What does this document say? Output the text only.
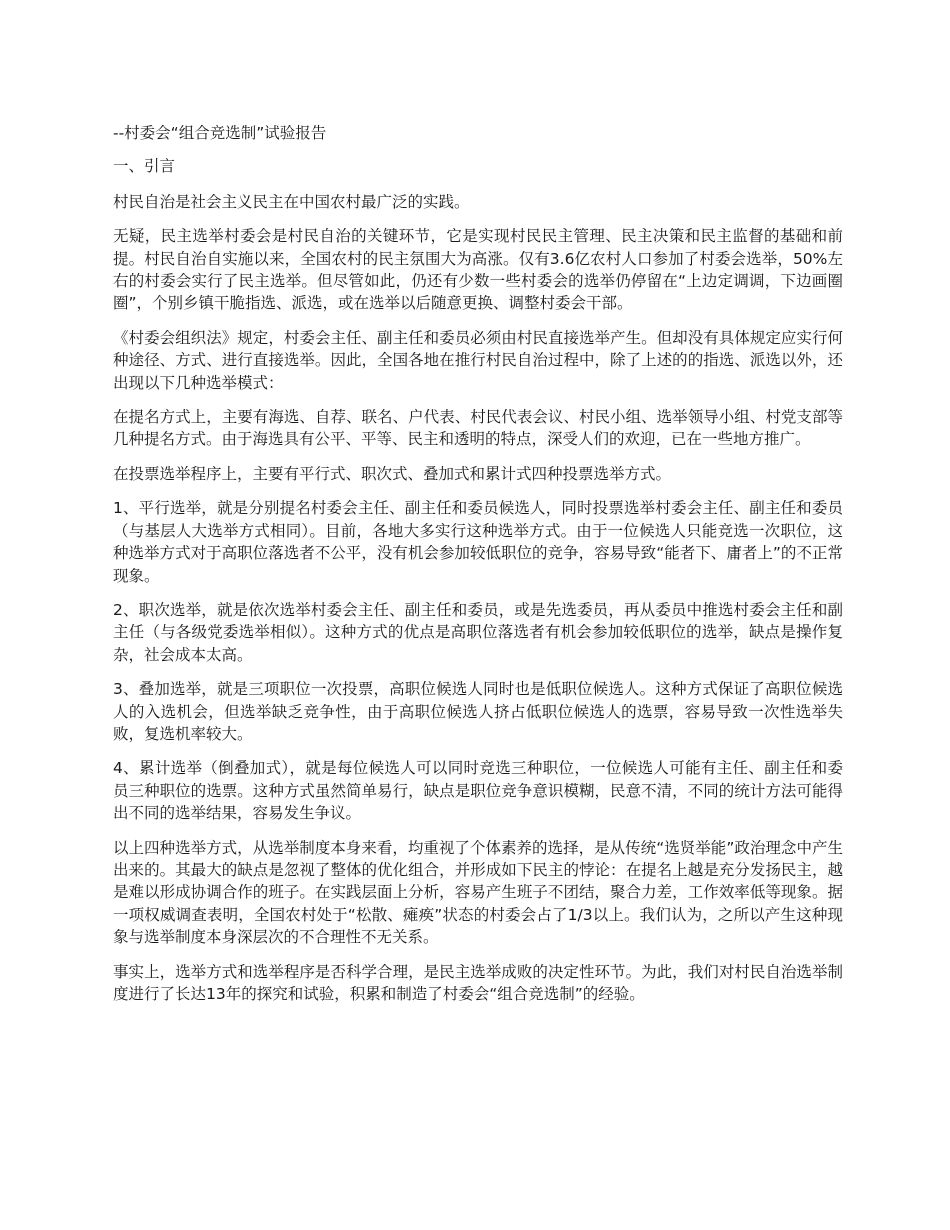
--村委会“组合竞选制”试验报告

一、引言

村民自治是社会主义民主在中国农村最广泛的实践。

无疑，民主选举村委会是村民自治的关键环节，它是实现村民民主管理、民主决策和民主监督的基础和前提。村民自治自实施以来，全国农村的民主氛围大为高涨。仅有3.6亿农村人口参加了村委会选举，50%左右的村委会实行了民主选举。但尽管如此，仍还有少数一些村委会的选举仍停留在“上边定调调，下边画圈圈”，个别乡镇干脆指选、派选，或在选举以后随意更换、调整村委会干部。

《村委会组织法》规定，村委会主任、副主任和委员必须由村民直接选举产生。但却没有具体规定应实行何种途径、方式、进行直接选举。因此，全国各地在推行村民自治过程中，除了上述的的指选、派选以外，还出现以下几种选举模式：

在提名方式上，主要有海选、自荐、联名、户代表、村民代表会议、村民小组、选举领导小组、村党支部等几种提名方式。由于海选具有公平、平等、民主和透明的特点，深受人们的欢迎，已在一些地方推广。

在投票选举程序上，主要有平行式、职次式、叠加式和累计式四种投票选举方式。

1、平行选举，就是分别提名村委会主任、副主任和委员候选人，同时投票选举村委会主任、副主任和委员（与基层人大选举方式相同）。目前，各地大多实行这种选举方式。由于一位候选人只能竞选一次职位，这种选举方式对于高职位落选者不公平，没有机会参加较低职位的竞争，容易导致“能者下、庸者上”的不正常现象。

2、职次选举，就是依次选举村委会主任、副主任和委员，或是先选委员，再从委员中推选村委会主任和副主任（与各级党委选举相似）。这种方式的优点是高职位落选者有机会参加较低职位的选举，缺点是操作复杂，社会成本太高。

3、叠加选举，就是三项职位一次投票，高职位候选人同时也是低职位候选人。这种方式保证了高职位候选人的入选机会，但选举缺乏竞争性，由于高职位候选人挤占低职位候选人的选票，容易导致一次性选举失败，复选机率较大。

4、累计选举（倒叠加式），就是每位候选人可以同时竞选三种职位，一位候选人可能有主任、副主任和委员三种职位的选票。这种方式虽然简单易行，缺点是职位竞争意识模糊，民意不清，不同的统计方法可能得出不同的选举结果，容易发生争议。

以上四种选举方式，从选举制度本身来看，均重视了个体素养的选择，是从传统“选贤举能”政治理念中产生出来的。其最大的缺点是忽视了整体的优化组合，并形成如下民主的悖论：在提名上越是充分发扬民主，越是难以形成协调合作的班子。在实践层面上分析，容易产生班子不团结，聚合力差，工作效率低等现象。据一项权威调查表明，全国农村处于“松散、瘫痪”状态的村委会占了1/3以上。我们认为，之所以产生这种现象与选举制度本身深层次的不合理性不无关系。

事实上，选举方式和选举程序是否科学合理，是民主选举成败的决定性环节。为此，我们对村民自治选举制度进行了长达13年的探究和试验，积累和制造了村委会“组合竞选制”的经验。
